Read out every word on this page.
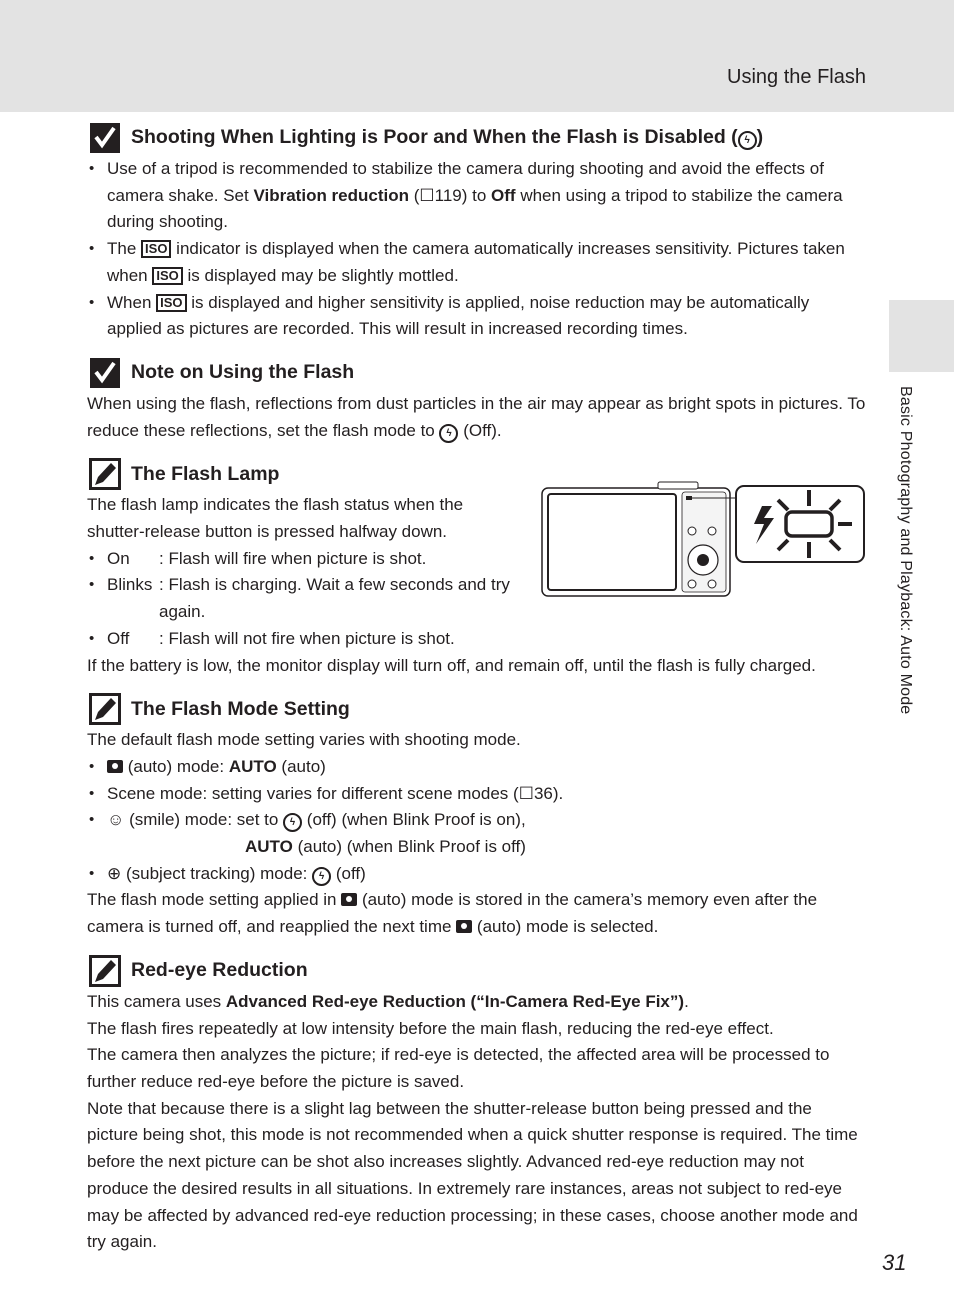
Using the Flash
Basic Photography and Playback: Auto Mode
Shooting When Lighting is Poor and When the Flash is Disabled ( ϟ )
• Use of a tripod is recommended to stabilize the camera during shooting and avoid the effects of camera shake. Set Vibration reduction (☐119) to Off when using a tripod to stabilize the camera during shooting.
• The ISO indicator is displayed when the camera automatically increases sensitivity. Pictures taken when ISO is displayed may be slightly mottled.
• When ISO is displayed and higher sensitivity is applied, noise reduction may be automatically applied as pictures are recorded. This will result in increased recording times.
Note on Using the Flash

When using the flash, reflections from dust particles in the air may appear as bright spots in pictures. To reduce these reflections, set the flash mode to ϟ (Off).

The Flash Lamp

The flash lamp indicates the flash status when the shutter-release button is pressed halfway down.

• On	: Flash will fire when picture is shot.
• Blinks : Flash is charging. Wait a few seconds and try again.
• Off	: Flash will not fire when picture is shot.

If the battery is low, the monitor display will turn off, and remain off, until the flash is fully charged.

The Flash Mode Setting

The default flash mode setting varies with shooting mode.

• (auto) mode: AUTO (auto)
• Scene mode: setting varies for different scene modes (☐36).
• ☺ (smile) mode: set to ϟ (off) (when Blink Proof is on),
AUTO (auto) (when Blink Proof is off)
• ⊕ (subject tracking) mode: ϟ (off)

The flash mode setting applied in  (auto) mode is stored in the camera’s memory even after the camera is turned off, and reapplied the next time  (auto) mode is selected.

Red-eye Reduction

This camera uses Advanced Red-eye Reduction (“In-Camera Red-Eye Fix”).

The flash fires repeatedly at low intensity before the main flash, reducing the red-eye effect.

The camera then analyzes the picture; if red-eye is detected, the affected area will be processed to further reduce red-eye before the picture is saved.

Note that because there is a slight lag between the shutter-release button being pressed and the picture being shot, this mode is not recommended when a quick shutter response is required. The time before the next picture can be shot also increases slightly. Advanced red-eye reduction may not produce the desired results in all situations. In extremely rare instances, areas not subject to red-eye may be affected by advanced red-eye reduction processing; in these cases, choose another mode and try again.

31
